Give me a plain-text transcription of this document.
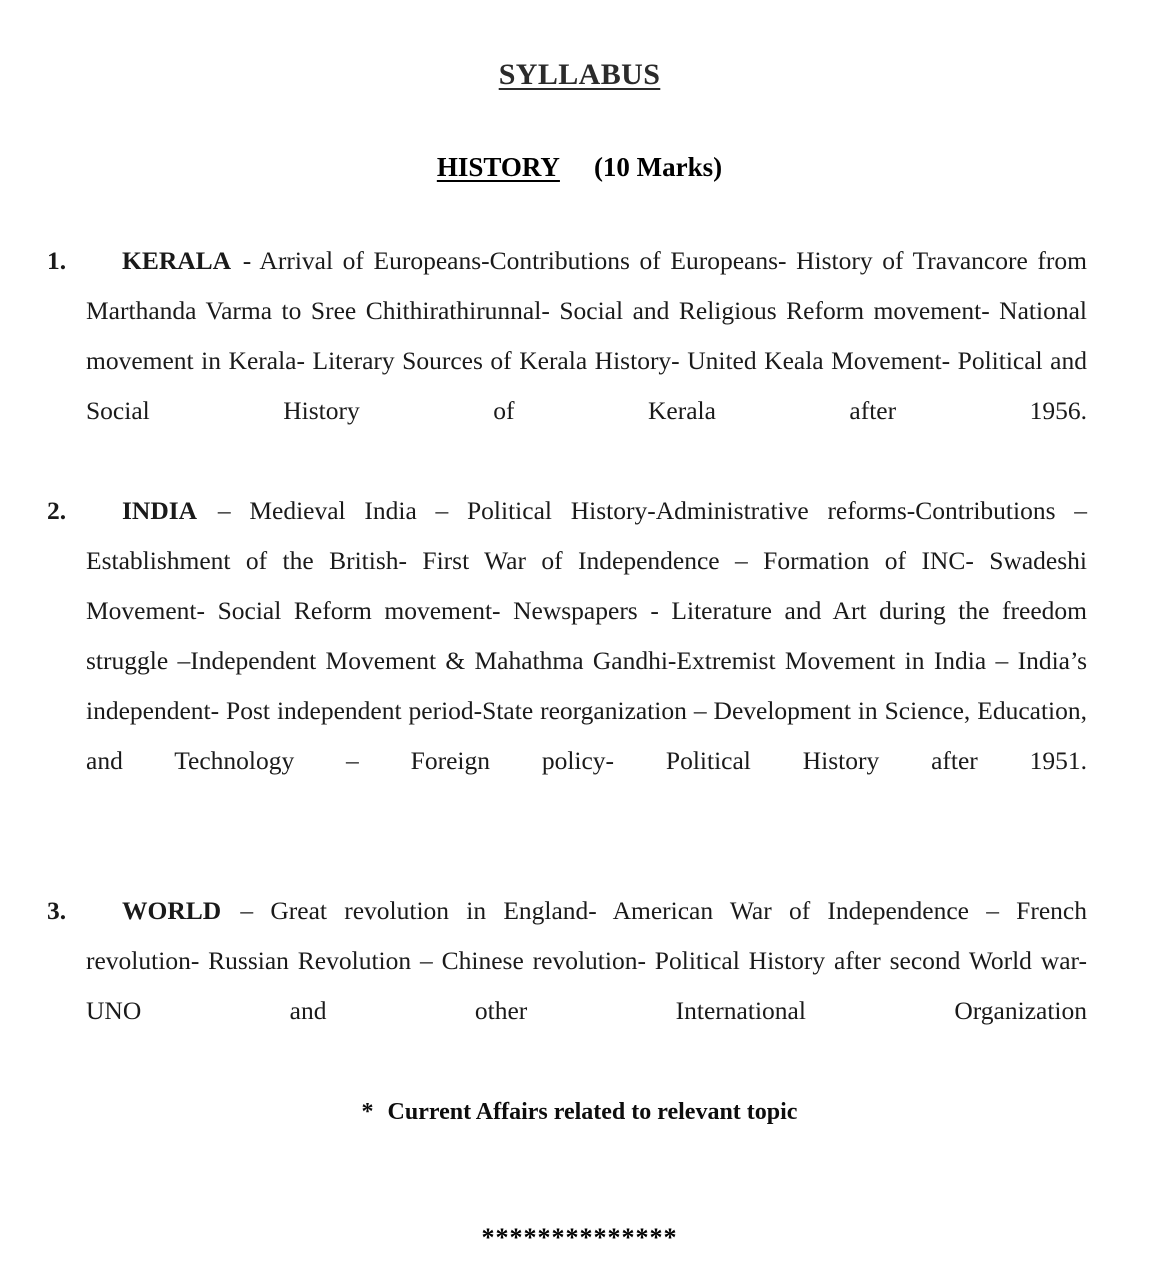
SYLLABUS
HISTORY (10 Marks)
1. KERALA - Arrival of Europeans-Contributions of Europeans- History of Travancore from Marthanda Varma to Sree Chithirathirunnal- Social and Religious Reform movement- National movement in Kerala- Literary Sources of Kerala History- United Keala Movement- Political and Social History of Kerala after 1956.
2. INDIA – Medieval India – Political History-Administrative reforms-Contributions – Establishment of the British- First War of Independence – Formation of INC- Swadeshi Movement- Social Reform movement- Newspapers - Literature and Art during the freedom struggle –Independent Movement & Mahathma Gandhi-Extremist Movement in India – India’s independent- Post independent period-State reorganization – Development in Science, Education, and Technology – Foreign policy- Political History after 1951.
3. WORLD – Great revolution in England- American War of Independence – French revolution- Russian Revolution – Chinese revolution- Political History after second World war- UNO and other International Organization
* Current Affairs related to relevant topic
**************
